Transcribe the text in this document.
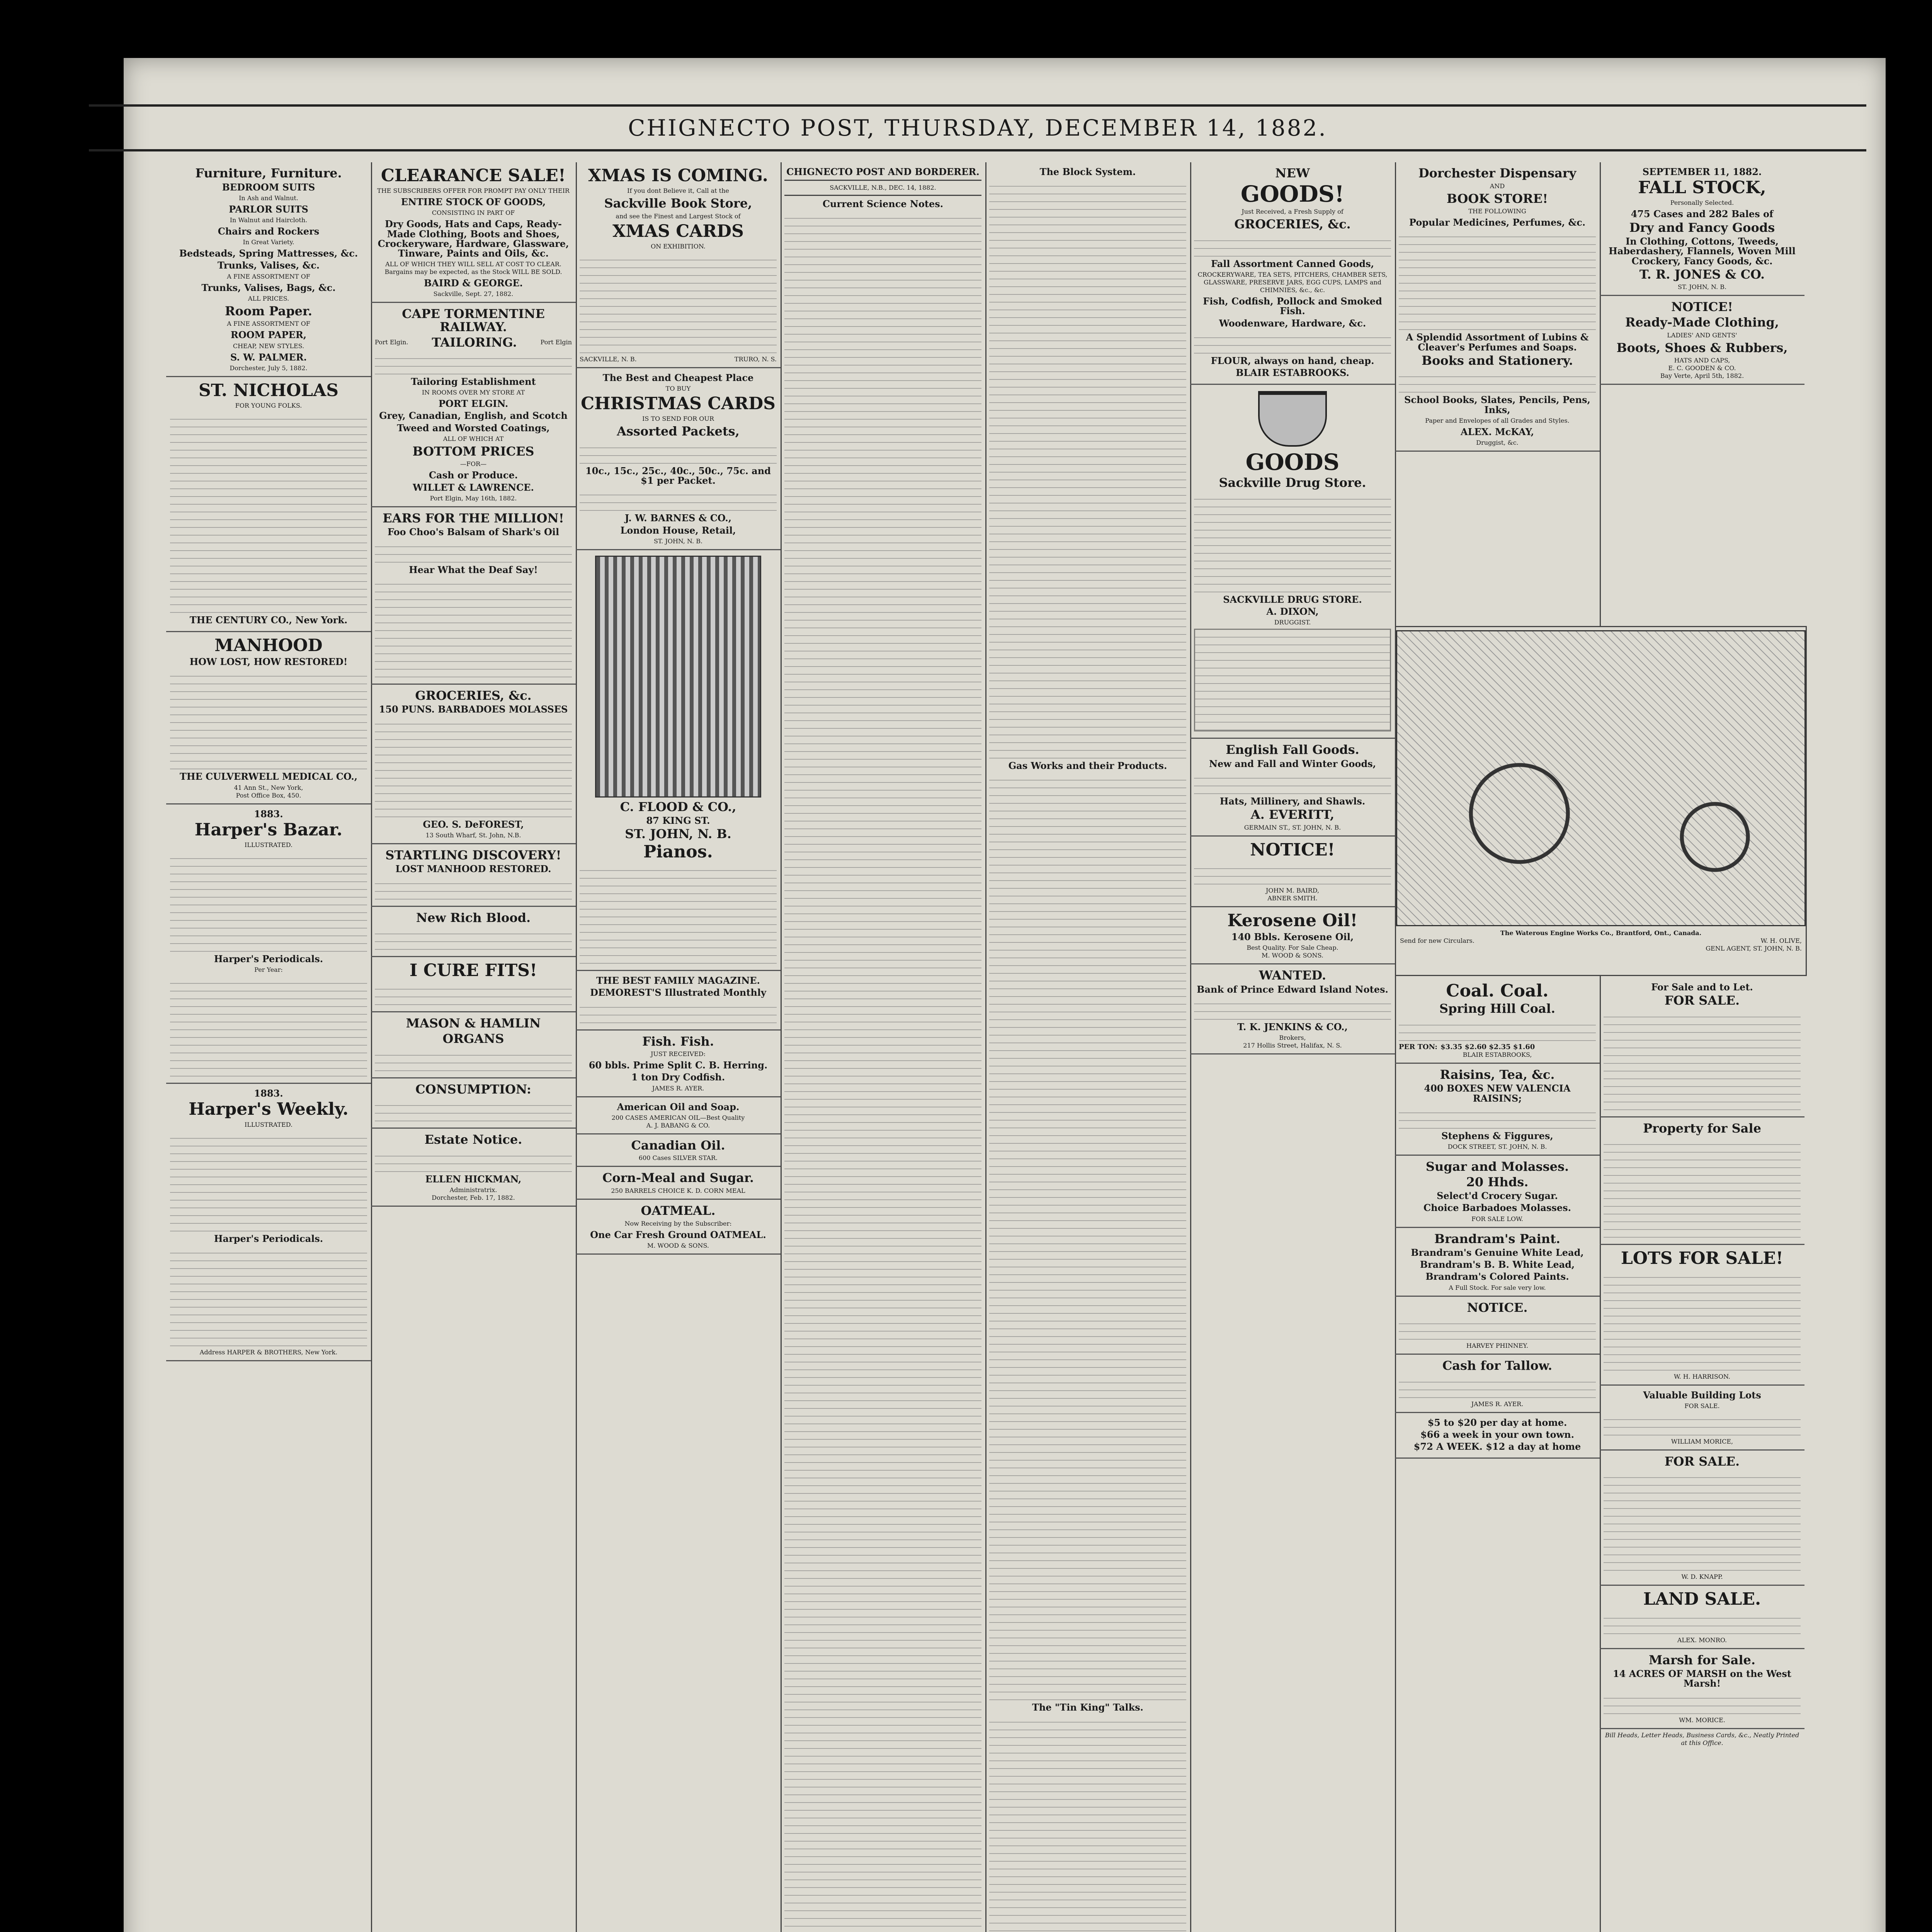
CHIGNECTO POST, THURSDAY, DECEMBER 14, 1882.
Furniture, Furniture.
BEDROOM SUITS
In Ash and Walnut.
PARLOR SUITS
In Walnut and Haircloth.
Chairs and Rockers
In Great Variety.
Bedsteads, Spring Mattresses, &c.
Trunks, Valises, &c.
A FINE ASSORTMENT OF
Trunks, Valises, Bags, &c.
ALL PRICES.
Room Paper.
A FINE ASSORTMENT OF
ROOM PAPER,
CHEAP, NEW STYLES.
S. W. PALMER.
Dorchester, July 5, 1882.
ST. NICHOLAS
FOR YOUNG FOLKS.
THE CENTURY CO., New York.
MANHOOD
HOW LOST, HOW RESTORED!
THE CULVERWELL MEDICAL CO.,
41 Ann St., New York,
Post Office Box, 450.
1883.
Harper's Bazar.
ILLUSTRATED.
Harper's Periodicals.
Per Year:
1883.
Harper's Weekly.
ILLUSTRATED.
Harper's Periodicals.
Address HARPER & BROTHERS, New York.
CLEARANCE SALE!
THE SUBSCRIBERS OFFER FOR PROMPT PAY ONLY THEIR
ENTIRE STOCK OF GOODS,
CONSISTING IN PART OF
Dry Goods, Hats and Caps, Ready-Made Clothing, Boots and Shoes, Crockeryware, Hardware, Glassware, Tinware, Paints and Oils, &c.
ALL OF WHICH THEY WILL SELL AT COST TO CLEAR.
Bargains may be expected, as the Stock WILL BE SOLD.
BAIRD & GEORGE.
Sackville, Sept. 27, 1882.
CAPE TORMENTINE RAILWAY.
Port Elgin. TAILORING.	Port Elgin
Tailoring Establishment
IN ROOMS OVER MY STORE AT
PORT ELGIN.
Grey, Canadian, English, and Scotch
Tweed and Worsted Coatings,
ALL OF WHICH AT
BOTTOM PRICES
—FOR—
Cash or Produce.
WILLET & LAWRENCE.
Port Elgin, May 16th, 1882.
EARS FOR THE MILLION!
Foo Choo's Balsam of Shark's Oil
Hear What the Deaf Say!
GROCERIES, &c.
150 PUNS. BARBADOES MOLASSES
GEO. S. DeFOREST,
13 South Wharf, St. John, N.B.
STARTLING DISCOVERY!
LOST MANHOOD RESTORED.
New Rich Blood.
I CURE FITS!
MASON & HAMLIN
ORGANS
CONSUMPTION:
Estate Notice.
ELLEN HICKMAN,
Administratrix.
Dorchester, Feb. 17, 1882.
XMAS IS COMING.
If you dont Believe it, Call at the
Sackville Book Store,
and see the Finest and Largest Stock of
XMAS CARDS
ON EXHIBITION.
SACKVILLE, N. B.	TRURO, N. S.
The Best and Cheapest Place
TO BUY
CHRISTMAS CARDS
IS TO SEND FOR OUR
Assorted Packets,
10c., 15c., 25c., 40c., 50c., 75c. and $1 per Packet.
J. W. BARNES & CO.,
London House, Retail,
ST. JOHN, N. B.
C. FLOOD & CO.,
87 KING ST.
ST. JOHN, N. B.
Pianos.
THE BEST FAMILY MAGAZINE.
DEMOREST'S Illustrated Monthly
Fish. Fish.
JUST RECEIVED:
60 bbls. Prime Split C. B. Herring.
1 ton Dry Codfish.
JAMES R. AYER.
American Oil and Soap.
200 CASES AMERICAN OIL—Best Quality
A. J. BABANG & CO.
Canadian Oil.
600 Cases SILVER STAR.
Corn-Meal and Sugar.
250 BARRELS CHOICE K. D. CORN MEAL
OATMEAL.
Now Receiving by the Subscriber:
One Car Fresh Ground OATMEAL.
M. WOOD & SONS.
CHIGNECTO POST AND BORDERER.
SACKVILLE, N.B., DEC. 14, 1882.
Current Science Notes.
The Block System.
Gas Works and their Products.
The "Tin King" Talks.
NEW
GOODS!
Just Received, a Fresh Supply of
GROCERIES, &c.
Fall Assortment Canned Goods,
CROCKERYWARE, TEA SETS, PITCHERS, CHAMBER SETS, GLASSWARE, PRESERVE JARS, EGG CUPS, LAMPS and CHIMNIES, &c., &c.
Fish, Codfish, Pollock and Smoked Fish.
Woodenware, Hardware, &c.
FLOUR, always on hand, cheap.
BLAIR ESTABROOKS.
GOODS
Sackville Drug Store.
SACKVILLE DRUG STORE.
A. DIXON,
DRUGGIST.
English Fall Goods.
New and Fall and Winter Goods,
Hats, Millinery, and Shawls.
A. EVERITT,
GERMAIN ST., ST. JOHN, N. B.
NOTICE!
JOHN M. BAIRD,
ABNER SMITH.
Kerosene Oil!
140 Bbls. Kerosene Oil,
Best Quality. For Sale Cheap.
M. WOOD & SONS.
WANTED.
Bank of Prince Edward Island Notes.
T. K. JENKINS & CO.,
Brokers,
217 Hollis Street, Halifax, N. S.
Dorchester Dispensary
AND
BOOK STORE!
THE FOLLOWING
Popular Medicines, Perfumes, &c.
A Splendid Assortment of Lubins & Cleaver's Perfumes and Soaps.
Books and Stationery.
School Books, Slates, Pencils, Pens, Inks,
Paper and Envelopes of all Grades and Styles.
ALEX. McKAY,
Druggist, &c.
The Waterous Engine Works Co., Brantford, Ont., Canada.
Send for new Circulars.	W. H. OLIVE,
GENL AGENT, ST. JOHN, N. B.
Coal. Coal.
Spring Hill Coal.
PER TON: $3.35 $2.60 $2.35 $1.60
BLAIR ESTABROOKS,
Raisins, Tea, &c.
400 BOXES NEW VALENCIA RAISINS;
Stephens & Figgures,
DOCK STREET, ST. JOHN, N. B.
Sugar and Molasses.
20 Hhds.
Select'd Crocery Sugar.
Choice Barbadoes Molasses.
FOR SALE LOW.
Brandram's Paint.
Brandram's Genuine White Lead,
Brandram's B. B. White Lead,
Brandram's Colored Paints.
A Full Stock. For sale very low.
NOTICE.
HARVEY PHINNEY.
Cash for Tallow.
JAMES R. AYER.
$5 to $20 per day at home.
$66 a week in your own town.
$72 A WEEK. $12 a day at home
SEPTEMBER 11, 1882.
FALL STOCK,
Personally Selected.
475 Cases and 282 Bales of
Dry and Fancy Goods
In Clothing, Cottons, Tweeds, Haberdashery, Flannels, Woven Mill Crockery, Fancy Goods, &c.
T. R. JONES & CO.
ST. JOHN, N. B.
NOTICE!
Ready-Made Clothing,
LADIES' AND GENTS'
Boots, Shoes & Rubbers,
HATS AND CAPS,
E. C. GOODEN & CO.
Bay Verte, April 5th, 1882.
For Sale and to Let.
FOR SALE.
Property for Sale
LOTS FOR SALE!
W. H. HARRISON.
Valuable Building Lots
FOR SALE.
WILLIAM MORICE,
FOR SALE.
W. D. KNAPP.
LAND SALE.
ALEX. MONRO.
Marsh for Sale.
14 ACRES OF MARSH on the West Marsh!
WM. MORICE.
Bill Heads, Letter Heads, Business Cards, &c., Neatly Printed at this Office.
